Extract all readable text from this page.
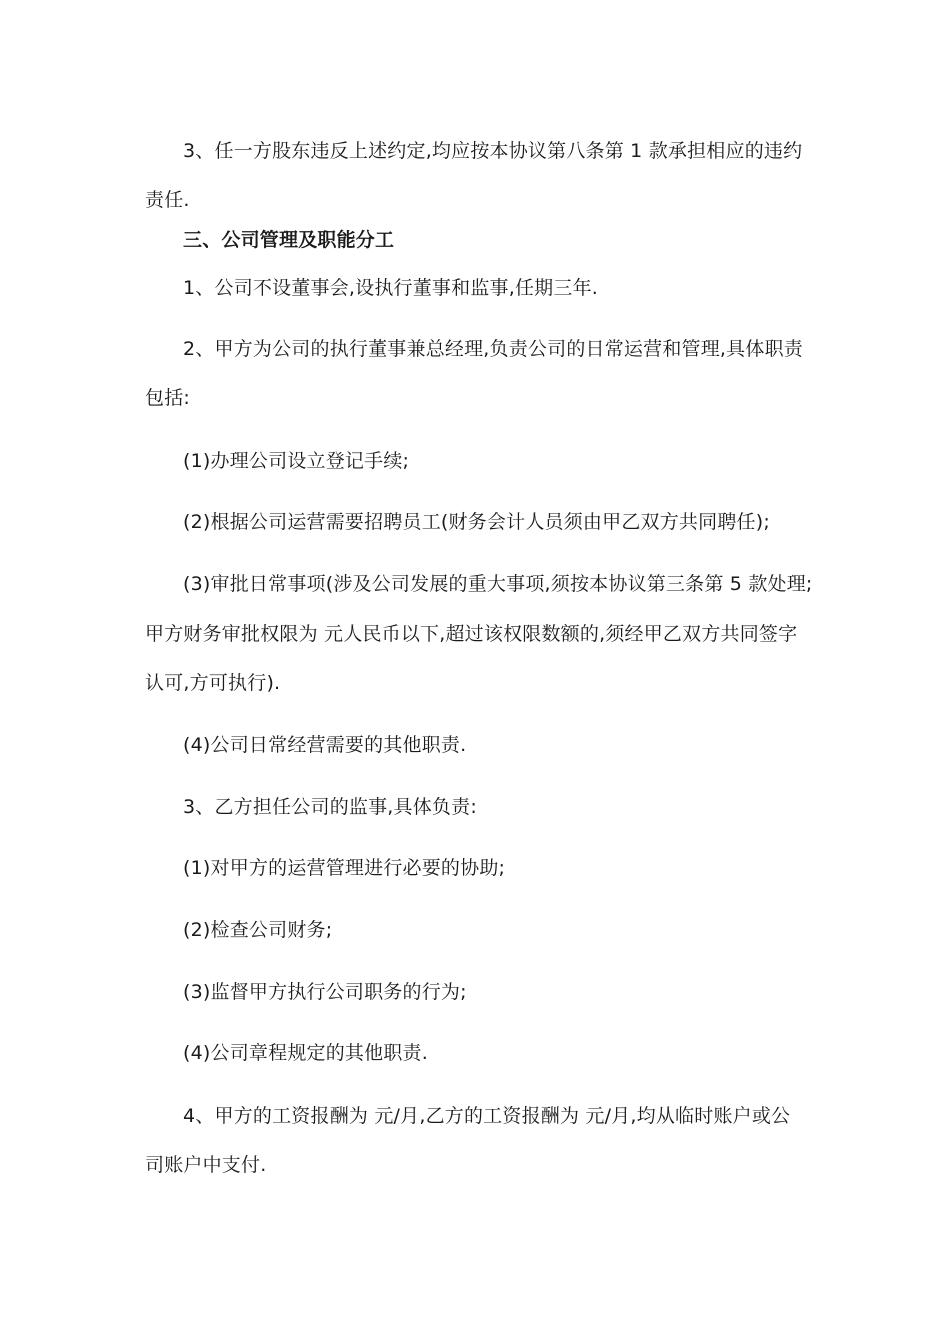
3、任一方股东违反上述约定,均应按本协议第八条第 1 款承担相应的违约
责任.
三、公司管理及职能分工
1、公司不设董事会,设执行董事和监事,任期三年.
2、甲方为公司的执行董事兼总经理,负责公司的日常运营和管理,具体职责
包括:
(1)办理公司设立登记手续;
(2)根据公司运营需要招聘员工(财务会计人员须由甲乙双方共同聘任);
(3)审批日常事项(涉及公司发展的重大事项,须按本协议第三条第 5 款处理;
甲方财务审批权限为 元人民币以下,超过该权限数额的,须经甲乙双方共同签字
认可,方可执行).
(4)公司日常经营需要的其他职责.
3、乙方担任公司的监事,具体负责:
(1)对甲方的运营管理进行必要的协助;
(2)检查公司财务;
(3)监督甲方执行公司职务的行为;
(4)公司章程规定的其他职责.
4、甲方的工资报酬为 元/月,乙方的工资报酬为 元/月,均从临时账户或公
司账户中支付.
